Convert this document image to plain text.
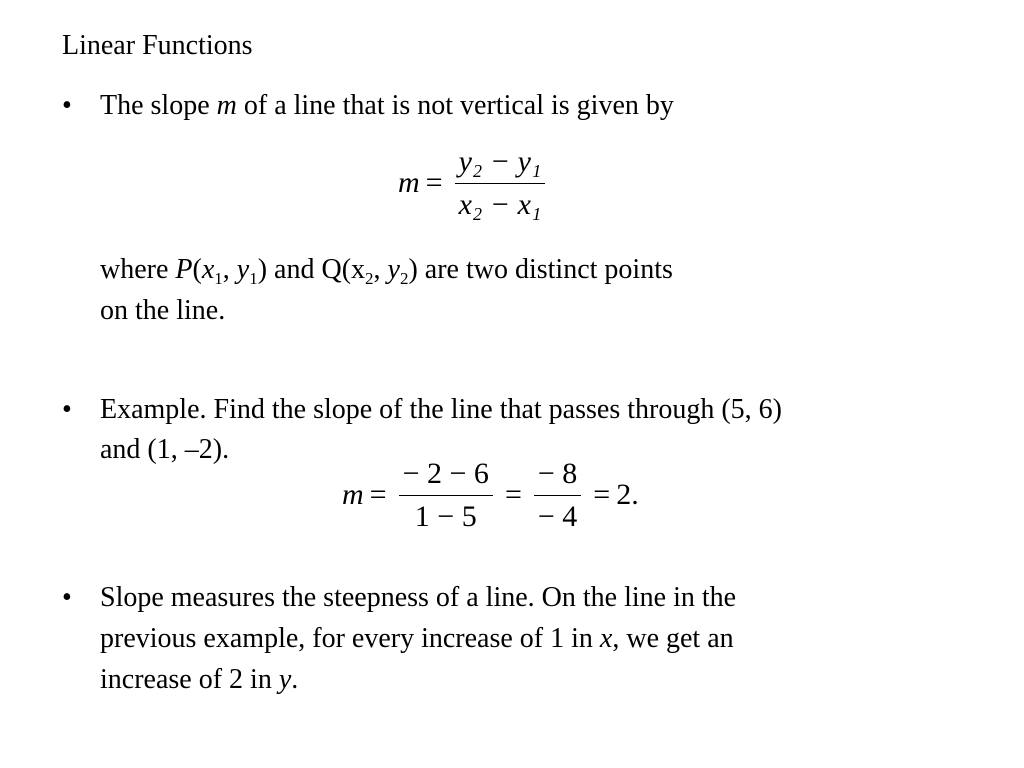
Linear Functions
• The slope m of a line that is not vertical is given by
$m = \frac{\text{y₂ − y₁}}{\text{x₂ − x₁}}$
where $P(x_1$, $y_1$) and $Q(x_2$, $y_2$) are two distinct points
on the line.
• Example. Find the slope of the line that passes through (5, 6)
and (1, –2).
$m = \frac{- 2 - 6}{1 - 5} = \frac{- 8}{- 4} = 2$.
• Slope measures the steepness of a line. On the line in the
previous example, for every increase of 1 in x, we get an
increase of 2 in y.
